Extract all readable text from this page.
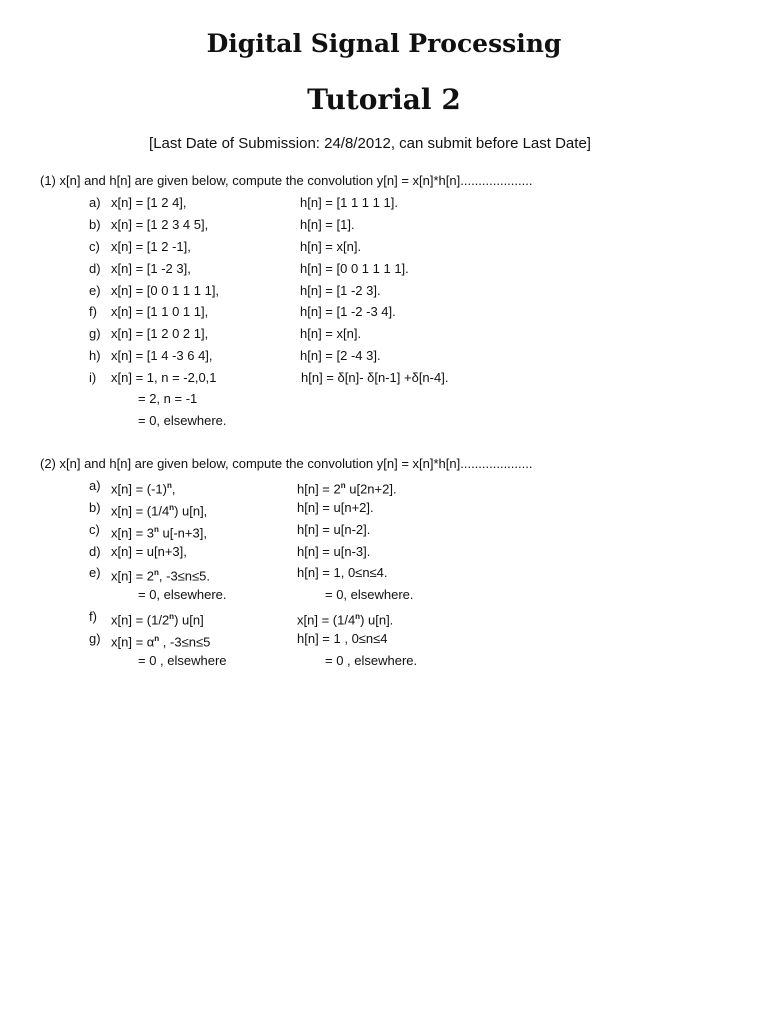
Digital Signal Processing
Tutorial 2
[Last Date of Submission: 24/8/2012, can submit before Last Date]
(1) x[n] and h[n] are given below, compute the convolution y[n] = x[n]*h[n]....................
a) x[n] = [1 2 4],	h[n] = [1 1 1 1 1].
b) x[n] = [1 2 3 4 5],	h[n] = [1].
c) x[n] = [1 2 -1],	h[n] = x[n].
d) x[n] = [1 -2 3],	h[n] = [0 0 1 1 1 1].
e) x[n] = [0 0 1 1 1 1],	h[n] = [1 -2 3].
f) x[n] = [1 1 0 1 1],	h[n] = [1 -2 -3 4].
g) x[n] = [1 2 0 2 1],	h[n] = x[n].
h) x[n] = [1 4 -3 6 4],	h[n] = [2 -4 3].
i) x[n] = 1, n = -2,0,1	h[n] = δ[n]- δ[n-1] +δ[n-4].
= 2, n = -1
= 0, elsewhere.
(2) x[n] and h[n] are given below, compute the convolution y[n] = x[n]*h[n]....................
a) $x[n] = (-1)^n$,	$h[n] = 2^n$ u[2n+2].
b) $x[n] = (1/4^n)$ u[n],	h[n] = u[n+2].
c) $x[n] = 3^n$ u[-n+3],	h[n] = u[n-2].
d) x[n] = u[n+3],	h[n] = u[n-3].
e) $x[n] = 2^n$, -3≤n≤5.	h[n] = 1, 0≤n≤4.
= 0, elsewhere.	= 0, elsewhere.
f) $x[n] = (1/2^n)$ u[n]	$x[n] = (1/4^n)$ u[n].
g) $x[n] = \alpha^n$ , -3≤n≤5	h[n] = 1 , 0≤n≤4
= 0 , elsewhere	= 0 , elsewhere.
